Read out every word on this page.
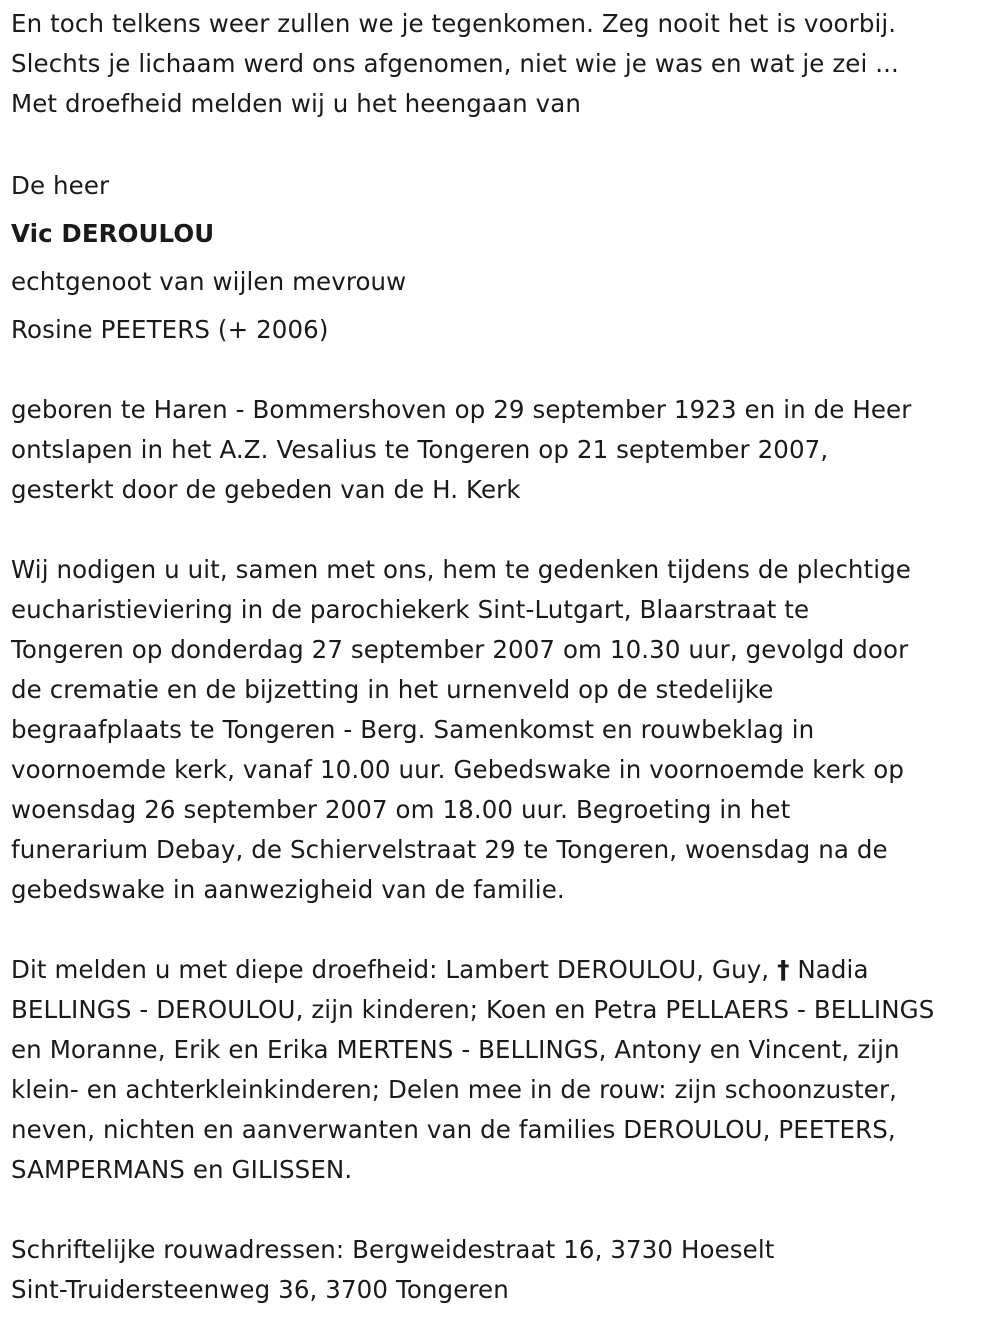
En toch telkens weer zullen we je tegenkomen. Zeg nooit het is voorbij.
Slechts je lichaam werd ons afgenomen, niet wie je was en wat je zei ...
Met droefheid melden wij u het heengaan van
De heer
Vic DEROULOU
echtgenoot van wijlen mevrouw
Rosine PEETERS (+ 2006)
geboren te Haren - Bommershoven op 29 september 1923 en in de Heer
ontslapen in het A.Z. Vesalius te Tongeren op 21 september 2007,
gesterkt door de gebeden van de H. Kerk
Wij nodigen u uit, samen met ons, hem te gedenken tijdens de plechtige
eucharistieviering in de parochiekerk Sint-Lutgart, Blaarstraat te
Tongeren op donderdag 27 september 2007 om 10.30 uur, gevolgd door
de crematie en de bijzetting in het urnenveld op de stedelijke
begraafplaats te Tongeren - Berg. Samenkomst en rouwbeklag in
voornoemde kerk, vanaf 10.00 uur. Gebedswake in voornoemde kerk op
woensdag 26 september 2007 om 18.00 uur. Begroeting in het
funerarium Debay, de Schiervelstraat 29 te Tongeren, woensdag na de
gebedswake in aanwezigheid van de familie.
Dit melden u met diepe droefheid: Lambert DEROULOU, Guy, † Nadia
BELLINGS - DEROULOU, zijn kinderen; Koen en Petra PELLAERS - BELLINGS
en Moranne, Erik en Erika MERTENS - BELLINGS, Antony en Vincent, zijn
klein- en achterkleinkinderen; Delen mee in de rouw: zijn schoonzuster,
neven, nichten en aanverwanten van de families DEROULOU, PEETERS,
SAMPERMANS en GILISSEN.
Schriftelijke rouwadressen: Bergweidestraat 16, 3730 Hoeselt
Sint-Truidersteenweg 36, 3700 Tongeren
